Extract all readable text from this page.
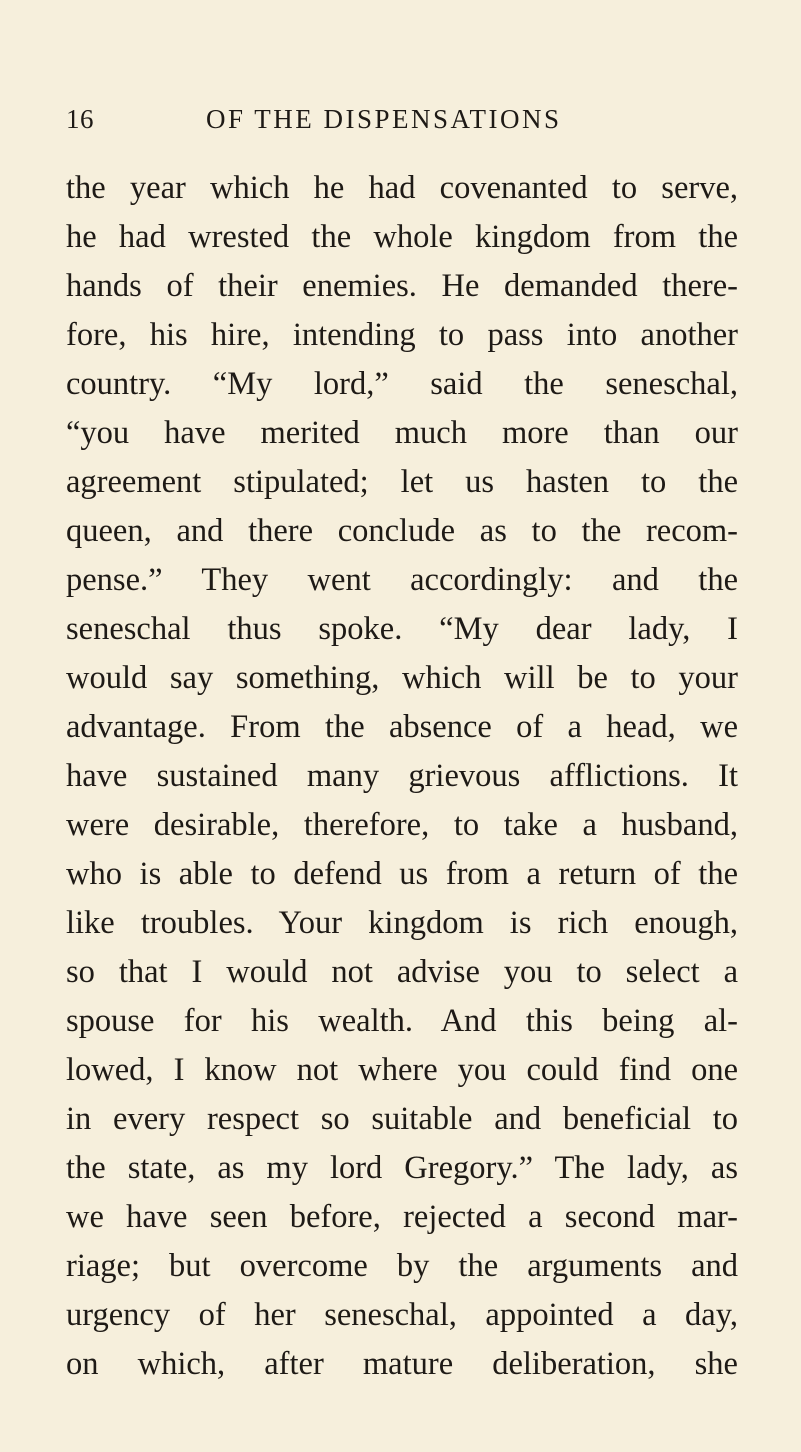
16	OF THE DISPENSATIONS
the year which he had covenanted to serve,
he had wrested the whole kingdom from the
hands of their enemies. He demanded there-
fore, his hire, intending to pass into another
country. “My lord,” said the seneschal,
“you have merited much more than our
agreement stipulated; let us hasten to the
queen, and there conclude as to the recom-
pense.” They went accordingly: and the
seneschal thus spoke. “My dear lady, I
would say something, which will be to your
advantage. From the absence of a head, we
have sustained many grievous afflictions. It
were desirable, therefore, to take a husband,
who is able to defend us from a return of the
like troubles. Your kingdom is rich enough,
so that I would not advise you to select a
spouse for his wealth. And this being al-
lowed, I know not where you could find one
in every respect so suitable and beneficial to
the state, as my lord Gregory.” The lady, as
we have seen before, rejected a second mar-
riage; but overcome by the arguments and
urgency of her seneschal, appointed a day,
on which, after mature deliberation, she
